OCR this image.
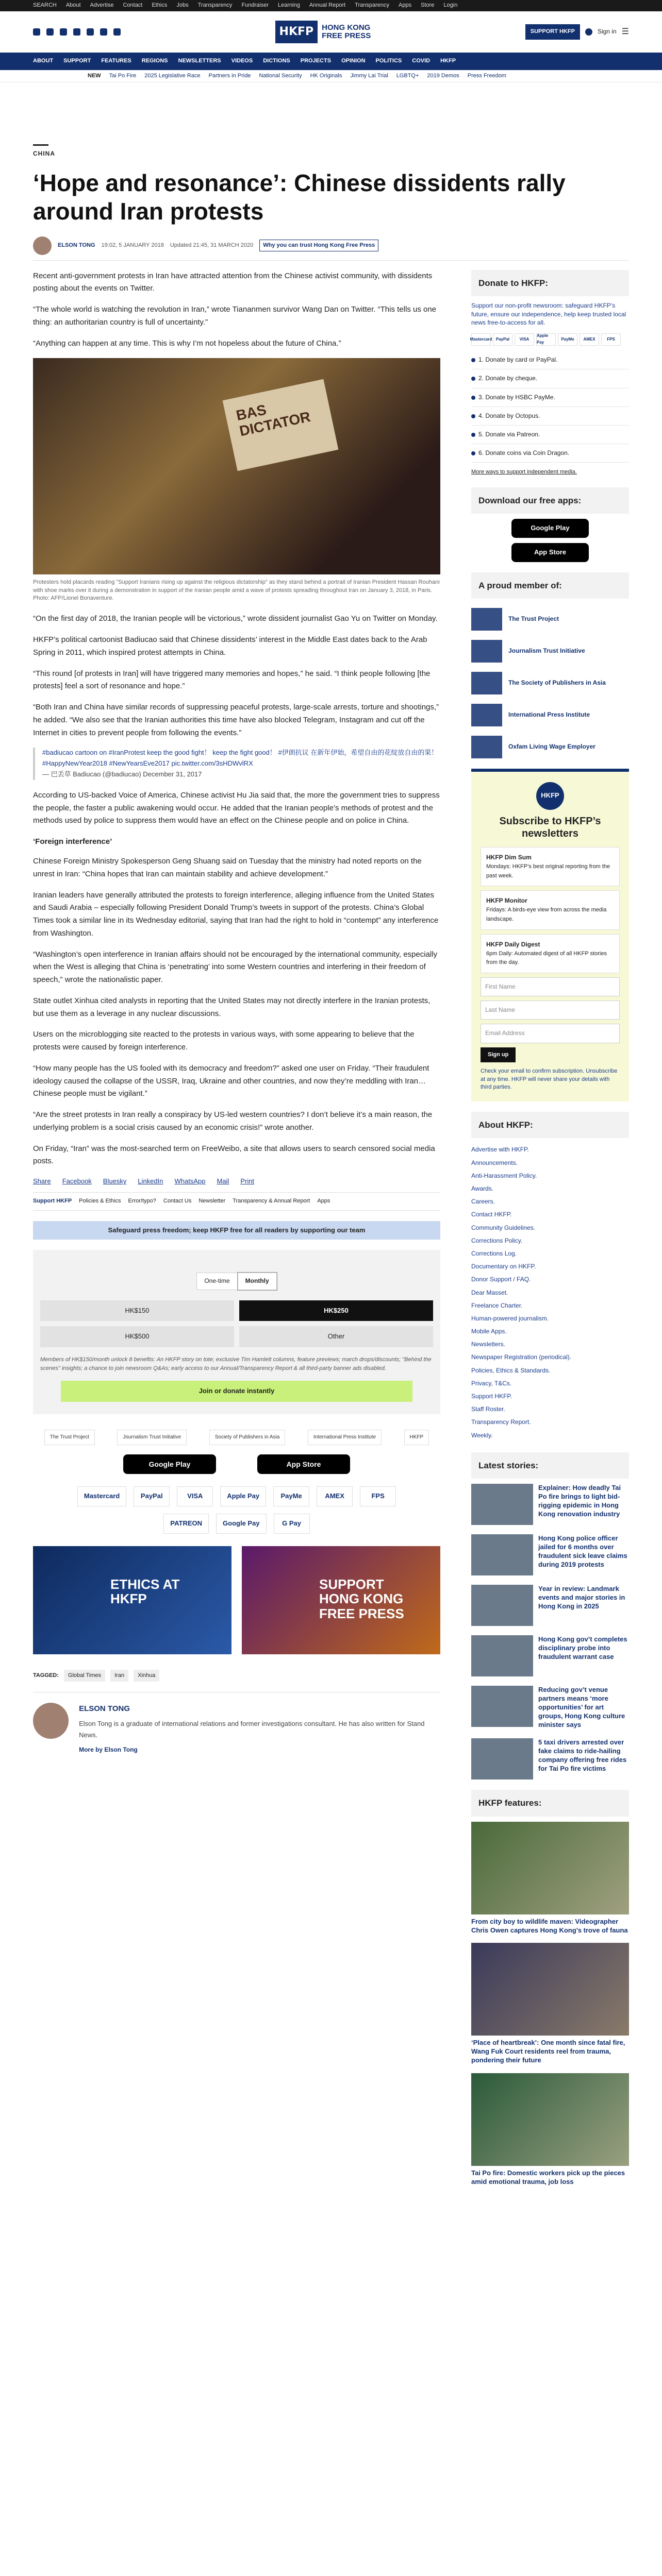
SEARCH About Advertise Contact Ethics Jobs Transparency Fundraiser Learning Annual Report Transparency Apps Store Login
HKFP	HONG KONG
FREE PRESS	SUPPORT HKFP	Sign in ☰
ABOUT SUPPORT FEATURES REGIONS NEWSLETTERS VIDEOS DICTIONS PROJECTS OPINION POLITICS COVID HKFP
NEW Tai Po Fire 2025 Legislative Race Partners in Pride National Security HK Originals Jimmy Lai Trial LGBTQ+ 2019 Demos Press Freedom
CHINA
‘Hope and resonance’: Chinese dissidents rally around Iran protests
ELSON TONG 19:02, 5 JANUARY 2018 Updated 21:45, 31 MARCH 2020	Why you can trust Hong Kong Free Press

Recent anti-government protests in Iran have attracted attention from the Chinese activist community, with dissidents posting about the events on Twitter.

“The whole world is watching the revolution in Iran,” wrote Tiananmen survivor Wang Dan on Twitter. “This tells us one thing: an authoritarian country is full of uncertainty.”

“Anything can happen at any time. This is why I’m not hopeless about the future of China.”

BAS DICTATOR
Protesters hold placards reading "Support Iranians rising up against the religious dictatorship" as they stand behind a portrait of Iranian President Hassan Rouhani with shoe marks over it during a demonstration in support of the Iranian people amid a wave of protests spreading throughout Iran on January 3, 2018, in Paris. Photo: AFP/Lionel Bonaventure.

“On the first day of 2018, the Iranian people will be victorious,” wrote dissident journalist Gao Yu on Twitter on Monday.

HKFP’s political cartoonist Badiucao said that Chinese dissidents’ interest in the Middle East dates back to the Arab Spring in 2011, which inspired protest attempts in China.

“This round [of protests in Iran] will have triggered many memories and hopes,” he said. “I think people following [the protests] feel a sort of resonance and hope.”

“Both Iran and China have similar records of suppressing peaceful protests, large-scale arrests, torture and shootings,” he added. “We also see that the Iranian authorities this time have also blocked Telegram, Instagram and cut off the Internet in cities to prevent people from following the events.”

#badiucao cartoon on #IranProtest keep the good fight！ keep the fight good！ #伊朗抗议 在新年伊始，希望自由的花绽放自由的果！#HappyNewYear2018 #NewYearsEve2017 pic.twitter.com/3sHDWvlRX
— 巴丢草 Badiucao (@badiucao) December 31, 2017

According to US-backed Voice of America, Chinese activist Hu Jia said that, the more the government tries to suppress the people, the faster a public awakening would occur. He added that the Iranian people’s methods of protest and the methods used by police to suppress them would have an effect on the Chinese people and on police in China.

‘Foreign interference’

Chinese Foreign Ministry Spokesperson Geng Shuang said on Tuesday that the ministry had noted reports on the unrest in Iran: “China hopes that Iran can maintain stability and achieve development.”

Iranian leaders have generally attributed the protests to foreign interference, alleging influence from the United States and Saudi Arabia – especially following President Donald Trump’s tweets in support of the protests. China’s Global Times took a similar line in its Wednesday editorial, saying that Iran had the right to hold in “contempt” any interference from Washington.

“Washington’s open interference in Iranian affairs should not be encouraged by the international community, especially when the West is alleging that China is ‘penetrating’ into some Western countries and interfering in their freedom of speech,” wrote the nationalistic paper.

State outlet Xinhua cited analysts in reporting that the United States may not directly interfere in the Iranian protests, but use them as a leverage in any nuclear discussions.

Users on the microblogging site reacted to the protests in various ways, with some appearing to believe that the protests were caused by foreign interference.

“How many people has the US fooled with its democracy and freedom?” asked one user on Friday. “Their fraudulent ideology caused the collapse of the USSR, Iraq, Ukraine and other countries, and now they’re meddling with Iran… Chinese people must be vigilant.”

“Are the street protests in Iran really a conspiracy by US-led western countries? I don’t believe it’s a main reason, the underlying problem is a social crisis caused by an economic crisis!” wrote another.

On Friday, “Iran” was the most-searched term on FreeWeibo, a site that allows users to search censored social media posts.

Share Facebook Bluesky LinkedIn WhatsApp Mail Print
Support HKFP Policies & Ethics Error/typo? Contact Us Newsletter Transparency & Annual Report Apps
Safeguard press freedom; keep HKFP free for all readers by supporting our team
One-time	Monthly
HK$150	HK$250
HK$500	Other
Members of HK$150/month unlock 8 benefits: An HKFP story on tote; exclusive Tim Hamlett columns, feature previews; march drops/discounts; "Behind the scenes" insights; a chance to join newsroom Q&As; early access to our Annual/Transparency Report & all third-party banner ads disabled.
Join or donate instantly
The Trust Project	Journalism Trust Initiative	Society of Publishers in Asia	International Press Institute	HKFP
Google Play	App Store
Mastercard	PayPal	VISA	Apple Pay	PayMe	AMEX	FPS
PATREON	Google Pay	G Pay
ETHICS AT HKFP
SUPPORT HONG KONG FREE PRESS
TAGGED:	Global Times	Iran	Xinhua
ELSON TONG

Elson Tong is a graduate of international relations and former investigations consultant. He has also written for Stand News.

More by Elson Tong
Donate to HKFP:
Support our non-profit newsroom: safeguard HKFP’s future, ensure our independence, help keep trusted local news free-to-access for all.
Mastercard PayPal	VISA
Apple Pay
PayMe	AMEX	FPS
1. Donate by card or PayPal.
2. Donate by cheque.
3. Donate by HSBC PayMe.
4. Donate by Octopus.
5. Donate via Patreon.
6. Donate coins via Coin Dragon.
More ways to support independent media.
Download our free apps:
Google Play
App Store
A proud member of:
The Trust Project
Journalism Trust Initiative
The Society of Publishers in Asia
International Press Institute
Oxfam Living Wage Employer
HKFP
Subscribe to HKFP’s newsletters
HKFP Dim Sum
Mondays: HKFP’s best original reporting from the past week.
HKFP Monitor
Fridays: A birds-eye view from across the media landscape.
HKFP Daily Digest
6pm Daily: Automated digest of all HKFP stories from the day.
First Name
Last Name
Email Address
Sign up
Check your email to confirm subscription. Unsubscribe at any time. HKFP will never share your details with third parties.
About HKFP:
Advertise with HKFP.
Announcements.
Anti-Harassment Policy.
Awards.
Careers.
Contact HKFP.
Community Guidelines.
Corrections Policy.
Corrections Log.
Documentary on HKFP.
Donor Support / FAQ.
Dear Masset.
Freelance Charter.
Human-powered journalism.
Mobile Apps.
Newsletters.
Newspaper Registration (periodical).
Policies, Ethics & Standards.
Privacy, T&Cs.
Support HKFP.
Staff Roster.
Transparency Report.
Weekly.
Latest stories:
Explainer: How deadly Tai Po fire brings to light bid-rigging epidemic in Hong Kong renovation industry
Hong Kong police officer jailed for 6 months over fraudulent sick leave claims during 2019 protests
Year in review: Landmark events and major stories in Hong Kong in 2025
Hong Kong gov’t completes disciplinary probe into fraudulent warrant case
Reducing gov’t venue partners means ‘more opportunities’ for art groups, Hong Kong culture minister says
5 taxi drivers arrested over fake claims to ride-hailing company offering free rides for Tai Po fire victims
HKFP features:
From city boy to wildlife maven: Videographer Chris Owen captures Hong Kong’s trove of fauna
‘Place of heartbreak’: One month since fatal fire, Wang Fuk Court residents reel from trauma, pondering their future
Tai Po fire: Domestic workers pick up the pieces amid emotional trauma, job loss
